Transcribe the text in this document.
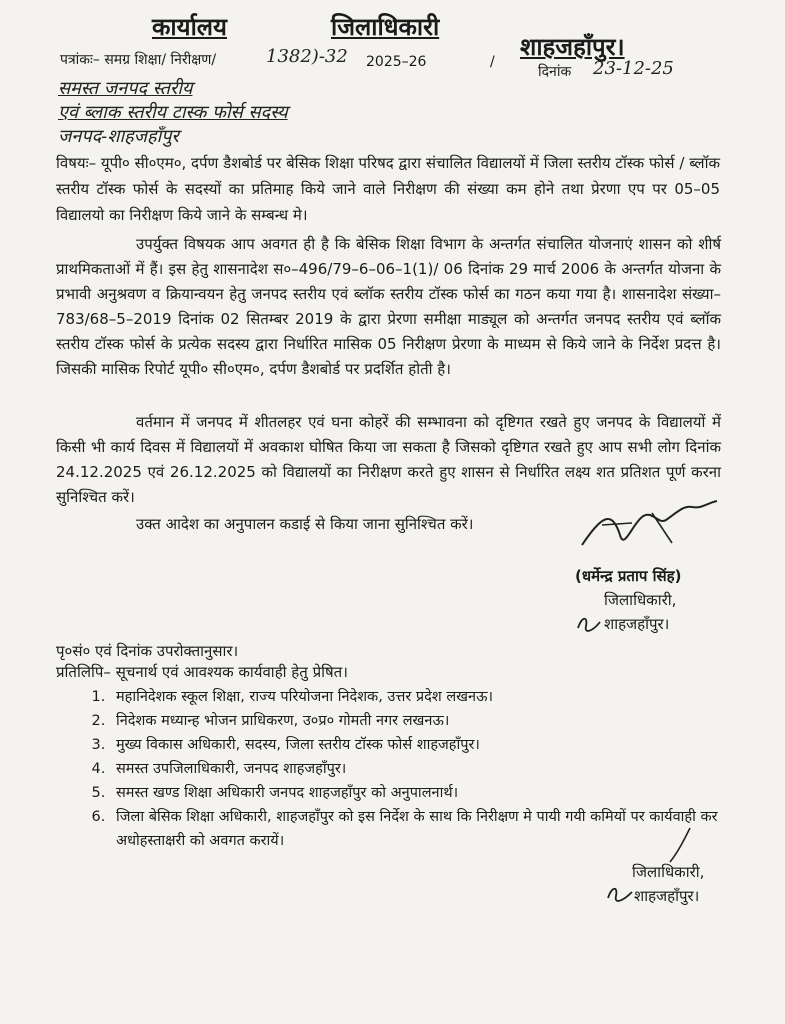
कार्यालय	जिलाधिकारी
शाहजहाँपुर।
पत्रांकः– समग्र शिक्षा/ निरीक्षण/	1382)-32 2025–26	/
दिनांक 23-12-25
समस्त जनपद स्तरीय
एवं ब्लाक स्तरीय टास्क फोर्स सदस्य
जनपद-शाहजहाँपुर
विषयः– यूपी० सी०एम०, दर्पण डैशबोर्ड पर बेसिक शिक्षा परिषद द्वारा संचालित विद्यालयों में जिला स्तरीय टॉस्क फोर्स / ब्लॉक स्तरीय टॉस्क फोर्स के सदस्यों का प्रतिमाह किये जाने वाले निरीक्षण की संख्या कम होने तथा प्रेरणा एप पर 05–05 विद्यालयो का निरीक्षण किये जाने के सम्बन्ध मे।
उपर्युक्त विषयक आप अवगत ही है कि बेसिक शिक्षा विभाग के अन्तर्गत संचालित योजनाएं शासन को शीर्ष प्राथमिकताओं में हैं। इस हेतु शासनादेश स०–496/79–6–06–1(1)/ 06 दिनांक 29 मार्च 2006 के अन्तर्गत योजना के प्रभावी अनुश्रवण व क्रियान्वयन हेतु जनपद स्तरीय एवं ब्लॉक स्तरीय टॉस्क फोर्स का गठन कया गया है। शासनादेश संख्या– 783/68–5–2019 दिनांक 02 सितम्बर 2019 के द्वारा प्रेरणा समीक्षा माड्यूल को अन्तर्गत जनपद स्तरीय एवं ब्लॉक स्तरीय टॉस्क फोर्स के प्रत्येक सदस्य द्वारा निर्धारित मासिक 05 निरीक्षण प्रेरणा के माध्यम से किये जाने के निर्देश प्रदत्त है। जिसकी मासिक रिपोर्ट यूपी० सी०एम०, दर्पण डैशबोर्ड पर प्रदर्शित होती है।
वर्तमान में जनपद में शीतलहर एवं घना कोहरें की सम्भावना को दृष्टिगत रखते हुए जनपद के विद्यालयों में किसी भी कार्य दिवस में विद्यालयों में अवकाश घोषित किया जा सकता है जिसको दृष्टिगत रखते हुए आप सभी लोग दिनांक 24.12.2025 एवं 26.12.2025 को विद्यालयों का निरीक्षण करते हुए शासन से निर्धारित लक्ष्य शत प्रतिशत पूर्ण करना सुनिश्चित करें।
उक्त आदेश का अनुपालन कडाई से किया जाना सुनिश्चित करें।
(धर्मेन्द्र प्रताप सिंह)
जिलाधिकारी,
शाहजहाँपुर।
पृ०सं० एवं दिनांक उपरोक्तानुसार।
प्रतिलिपि– सूचनार्थ एवं आवश्यक कार्यवाही हेतु प्रेषित।
1. महानिदेशक स्कूल शिक्षा, राज्य परियोजना निदेशक, उत्तर प्रदेश लखनऊ।
2. निदेशक मध्यान्ह भोजन प्राधिकरण, उ०प्र० गोमती नगर लखनऊ।
3. मुख्य विकास अधिकारी, सदस्य, जिला स्तरीय टॉस्क फोर्स शाहजहाँपुर।
4. समस्त उपजिलाधिकारी, जनपद शाहजहाँपुर।
5. समस्त खण्ड शिक्षा अधिकारी जनपद शाहजहाँपुर को अनुपालनार्थ।
6. जिला बेसिक शिक्षा अधिकारी, शाहजहाँपुर को इस निर्देश के साथ कि निरीक्षण मे पायी गयी कमियों पर कार्यवाही कर अधोहस्ताक्षरी को अवगत करायें।
जिलाधिकारी,
शाहजहाँपुर।
